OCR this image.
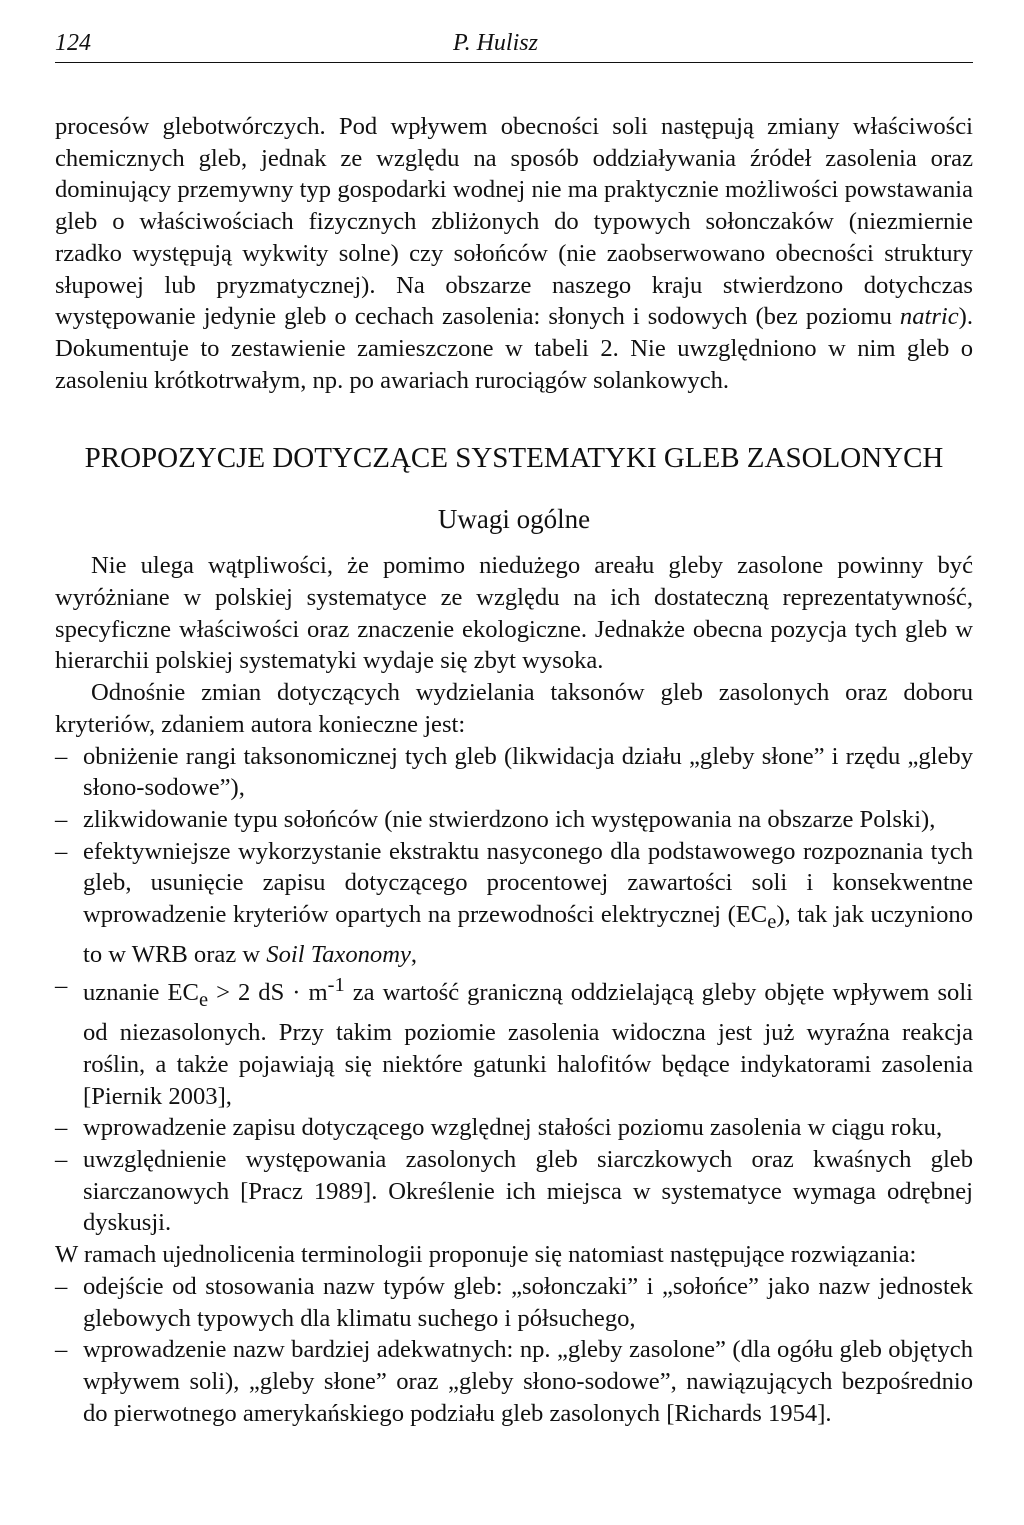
124	P. Hulisz

procesów glebotwórczych. Pod wpływem obecności soli następują zmiany właściwości chemicznych gleb, jednak ze względu na sposób oddziaływania źródeł zasolenia oraz dominujący przemywny typ gospodarki wodnej nie ma praktycznie możliwości powstawania gleb o właściwościach fizycznych zbliżonych do typowych sołonczaków (niezmiernie rzadko występują wykwity solne) czy sołońców (nie zaobserwowano obecności struktury słupowej lub pryzmatycznej). Na obszarze naszego kraju stwierdzono dotychczas występowanie jedynie gleb o cechach zasolenia: słonych i sodowych (bez poziomu natric). Dokumentuje to zestawienie zamieszczone w tabeli 2. Nie uwzględniono w nim gleb o zasoleniu krótkotrwałym, np. po awariach rurociągów solankowych.

PROPOZYCJE DOTYCZĄCE SYSTEMATYKI GLEB ZASOLONYCH
Uwagi ogólne

Nie ulega wątpliwości, że pomimo niedużego areału gleby zasolone powinny być wyróżniane w polskiej systematyce ze względu na ich dostateczną reprezentatywność, specyficzne właściwości oraz znaczenie ekologiczne. Jednakże obecna pozycja tych gleb w hierarchii polskiej systematyki wydaje się zbyt wysoka.

Odnośnie zmian dotyczących wydzielania taksonów gleb zasolonych oraz doboru kryteriów, zdaniem autora konieczne jest:

– obniżenie rangi taksonomicznej tych gleb (likwidacja działu „gleby słone” i rzędu „gleby słono-sodowe”),
– zlikwidowanie typu sołońców (nie stwierdzono ich występowania na obszarze Polski),
– efektywniejsze wykorzystanie ekstraktu nasyconego dla podstawowego rozpoznania tych gleb, usunięcie zapisu dotyczącego procentowej zawartości soli i konsekwentne wprowadzenie kryteriów opartych na przewodności elektrycznej $(EC_e)$, tak jak uczyniono to w WRB oraz w Soil Taxonomy,
– uznanie $EC_e > 2$ dS · $m^{-1}$ za wartość graniczną oddzielającą gleby objęte wpływem soli od niezasolonych. Przy takim poziomie zasolenia widoczna jest już wyraźna reakcja roślin, a także pojawiają się niektóre gatunki halofitów będące indykatorami zasolenia [Piernik 2003],
– wprowadzenie zapisu dotyczącego względnej stałości poziomu zasolenia w ciągu roku,
– uwzględnienie występowania zasolonych gleb siarczkowych oraz kwaśnych gleb siarczanowych [Pracz 1989]. Określenie ich miejsca w systematyce wymaga odrębnej dyskusji.

W ramach ujednolicenia terminologii proponuje się natomiast następujące rozwiązania:

– odejście od stosowania nazw typów gleb: „sołonczaki” i „sołońce” jako nazw jednostek glebowych typowych dla klimatu suchego i półsuchego,
– wprowadzenie nazw bardziej adekwatnych: np. „gleby zasolone” (dla ogółu gleb objętych wpływem soli), „gleby słone” oraz „gleby słono-sodowe”, nawiązujących bezpośrednio do pierwotnego amerykańskiego podziału gleb zasolonych [Richards 1954].
